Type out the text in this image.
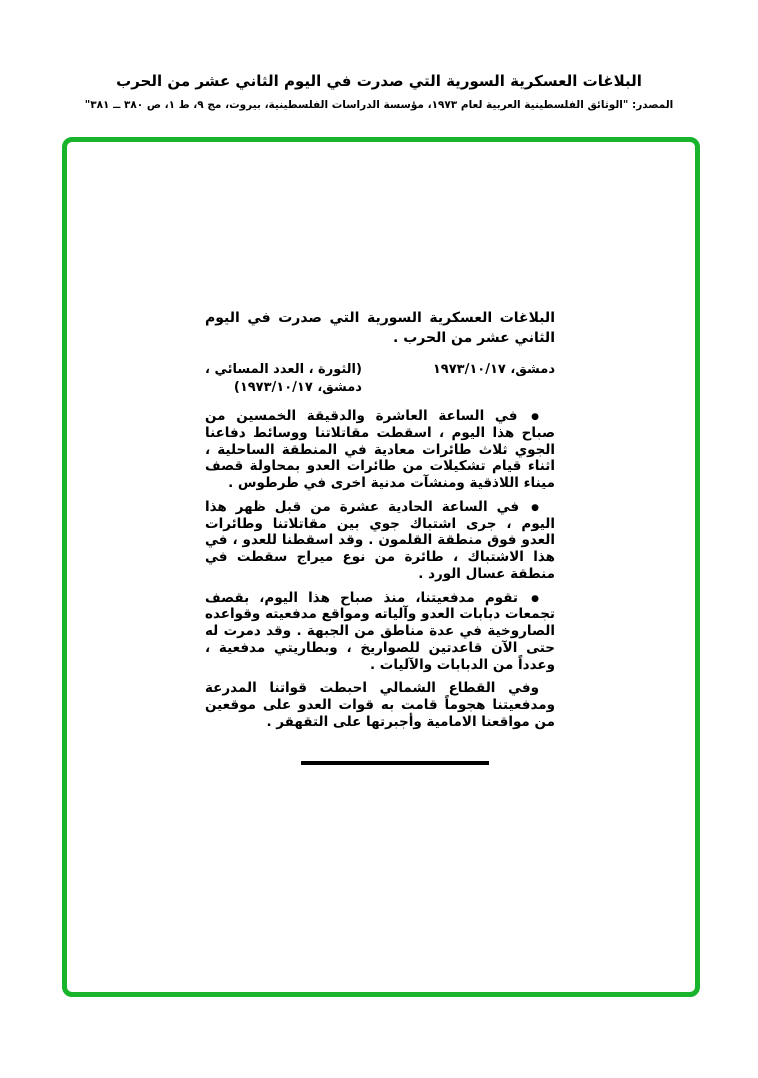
البلاغات العسكرية السورية التي صدرت في اليوم الثاني عشر من الحرب
المصدر: "الوثائق الفلسطينية العربية لعام ١٩٧٣، مؤسسة الدراسات الفلسطينية، بيروت، مج ٩، ط ١، ص ٣٨٠ ــ ٣٨١"

البلاغات العسكرية السورية التي صدرت في اليوم الثاني عشر من الحرب .

دمشق، ١٩٧٣/١٠/١٧
(الثورة ، العدد المسائي ،
دمشق، ١٩٧٣/١٠/١٧)

● في الساعة العاشرة والدقيقة الخمسين من صباح هذا اليوم ، اسقطت مقاتلاتنا ووسائط دفاعنا الجوي ثلاث طائرات معادية في المنطقة الساحلية ، اثناء قيام تشكيلات من طائرات العدو بمحاولة قصف ميناء اللاذقية ومنشآت مدنية اخرى في طرطوس .

● في الساعة الحادية عشرة من قبل ظهر هذا اليوم ، جرى اشتباك جوي بين مقاتلاتنا وطائرات العدو فوق منطقة القلمون . وقد اسقطنا للعدو ، في هذا الاشتباك ، طائرة من نوع ميراج سقطت في منطقة عسال الورد .

● تقوم مدفعيتنا، منذ صباح هذا اليوم، بقصف تجمعات دبابات العدو وآلياته ومواقع مدفعيته وقواعده الصاروخية في عدة مناطق من الجبهة . وقد دمرت له حتى الآن قاعدتين للصواريخ ، وبطاريتي مدفعية ، وعدداً من الدبابات والآليات .

وفي القطاع الشمالي احبطت قواتنا المدرعة ومدفعيتنا هجوماً قامت به قوات العدو على موقعين من مواقعنا الامامية وأجبرتها على التقهقر .
